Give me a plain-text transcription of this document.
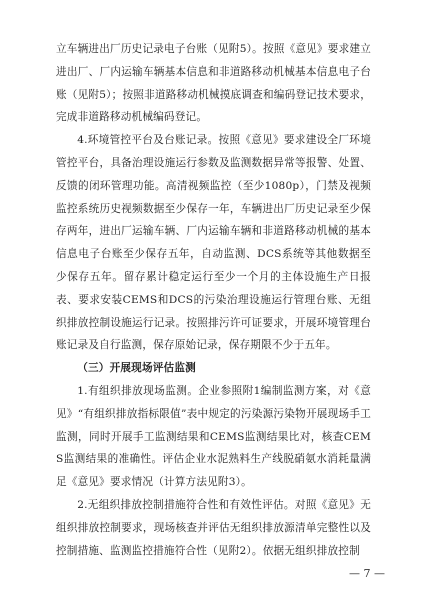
立车辆进出厂历史记录电子台账（见附5）。按照《意见》要求建立进出厂、厂内运输车辆基本信息和非道路移动机械基本信息电子台账（见附5）；按照非道路移动机械摸底调查和编码登记技术要求，完成非道路移动机械编码登记。

4.环境管控平台及台账记录。按照《意见》要求建设全厂环境管控平台，具备治理设施运行参数及监测数据异常等报警、处置、反馈的闭环管理功能。高清视频监控（至少1080p），门禁及视频监控系统历史视频数据至少保存一年，车辆进出厂历史记录至少保存两年，进出厂运输车辆、厂内运输车辆和非道路移动机械的基本信息电子台账至少保存五年，自动监测、DCS系统等其他数据至少保存五年。留存累计稳定运行至少一个月的主体设施生产日报表、要求安装CEMS和DCS的污染治理设施运行管理台账、无组织排放控制设施运行记录。按照排污许可证要求，开展环境管理台账记录及自行监测，保存原始记录，保存期限不少于五年。

（三）开展现场评估监测

1.有组织排放现场监测。企业参照附1编制监测方案，对《意见》“有组织排放指标限值”表中规定的污染源污染物开展现场手工监测，同时开展手工监测结果和CEMS监测结果比对，核查CEMS监测结果的准确性。评估企业水泥熟料生产线脱硝氨水消耗量满足《意见》要求情况（计算方法见附3）。

2.无组织排放控制措施符合性和有效性评估。对照《意见》无组织排放控制要求，现场核查并评估无组织排放源清单完整性以及控制措施、监测监控措施符合性（见附2）。依据无组织排放控制

— 7 —
